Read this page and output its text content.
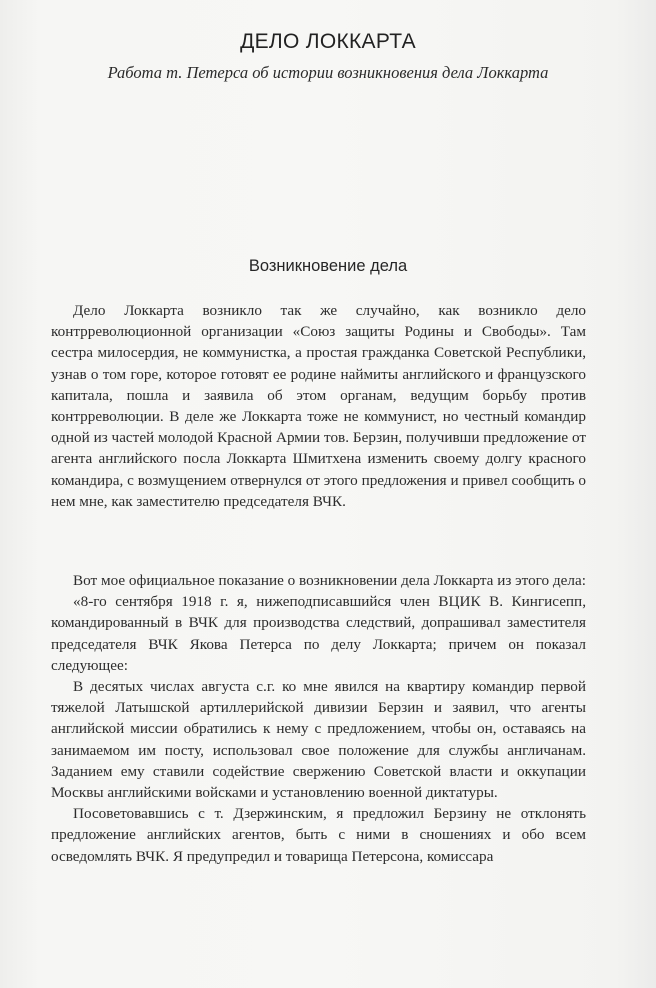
ДЕЛО ЛОККАРТА
Работа т. Петерса об истории возникновения дела Локкарта
Возникновение дела

Дело Локкарта возникло так же случайно, как возникло дело контрреволюционной организации «Союз защиты Родины и Свободы». Там сестра милосердия, не коммунистка, а простая гражданка Советской Республики, узнав о том горе, которое готовят ее родине наймиты английского и французского капитала, пошла и заявила об этом органам, ведущим борьбу против контрреволюции. В деле же Локкарта тоже не коммунист, но честный командир одной из частей молодой Красной Армии тов. Берзин, получивши предложение от агента английского посла Локкарта Шмитхена изменить своему долгу красного командира, с возмущением отвернулся от этого предложения и привел сообщить о нем мне, как заместителю председателя ВЧК.

Вот мое официальное показание о возникновении дела Локкарта из этого дела:

«8-го сентября 1918 г. я, нижеподписавшийся член ВЦИК В. Кингисепп, командированный в ВЧК для производства следствий, допрашивал заместителя председателя ВЧК Якова Петерса по делу Локкарта; причем он показал следующее:

В десятых числах августа с.г. ко мне явился на квартиру командир первой тяжелой Латышской артиллерийской дивизии Берзин и заявил, что агенты английской миссии обратились к нему с предложением, чтобы он, оставаясь на занимаемом им посту, использовал свое положение для службы англичанам. Заданием ему ставили содействие свержению Советской власти и оккупации Москвы английскими войсками и установлению военной диктатуры.

Посоветовавшись с т. Дзержинским, я предложил Берзину не отклонять предложение английских агентов, быть с ними в сношениях и обо всем осведомлять ВЧК. Я предупредил и товарища Петерсона, комиссара
